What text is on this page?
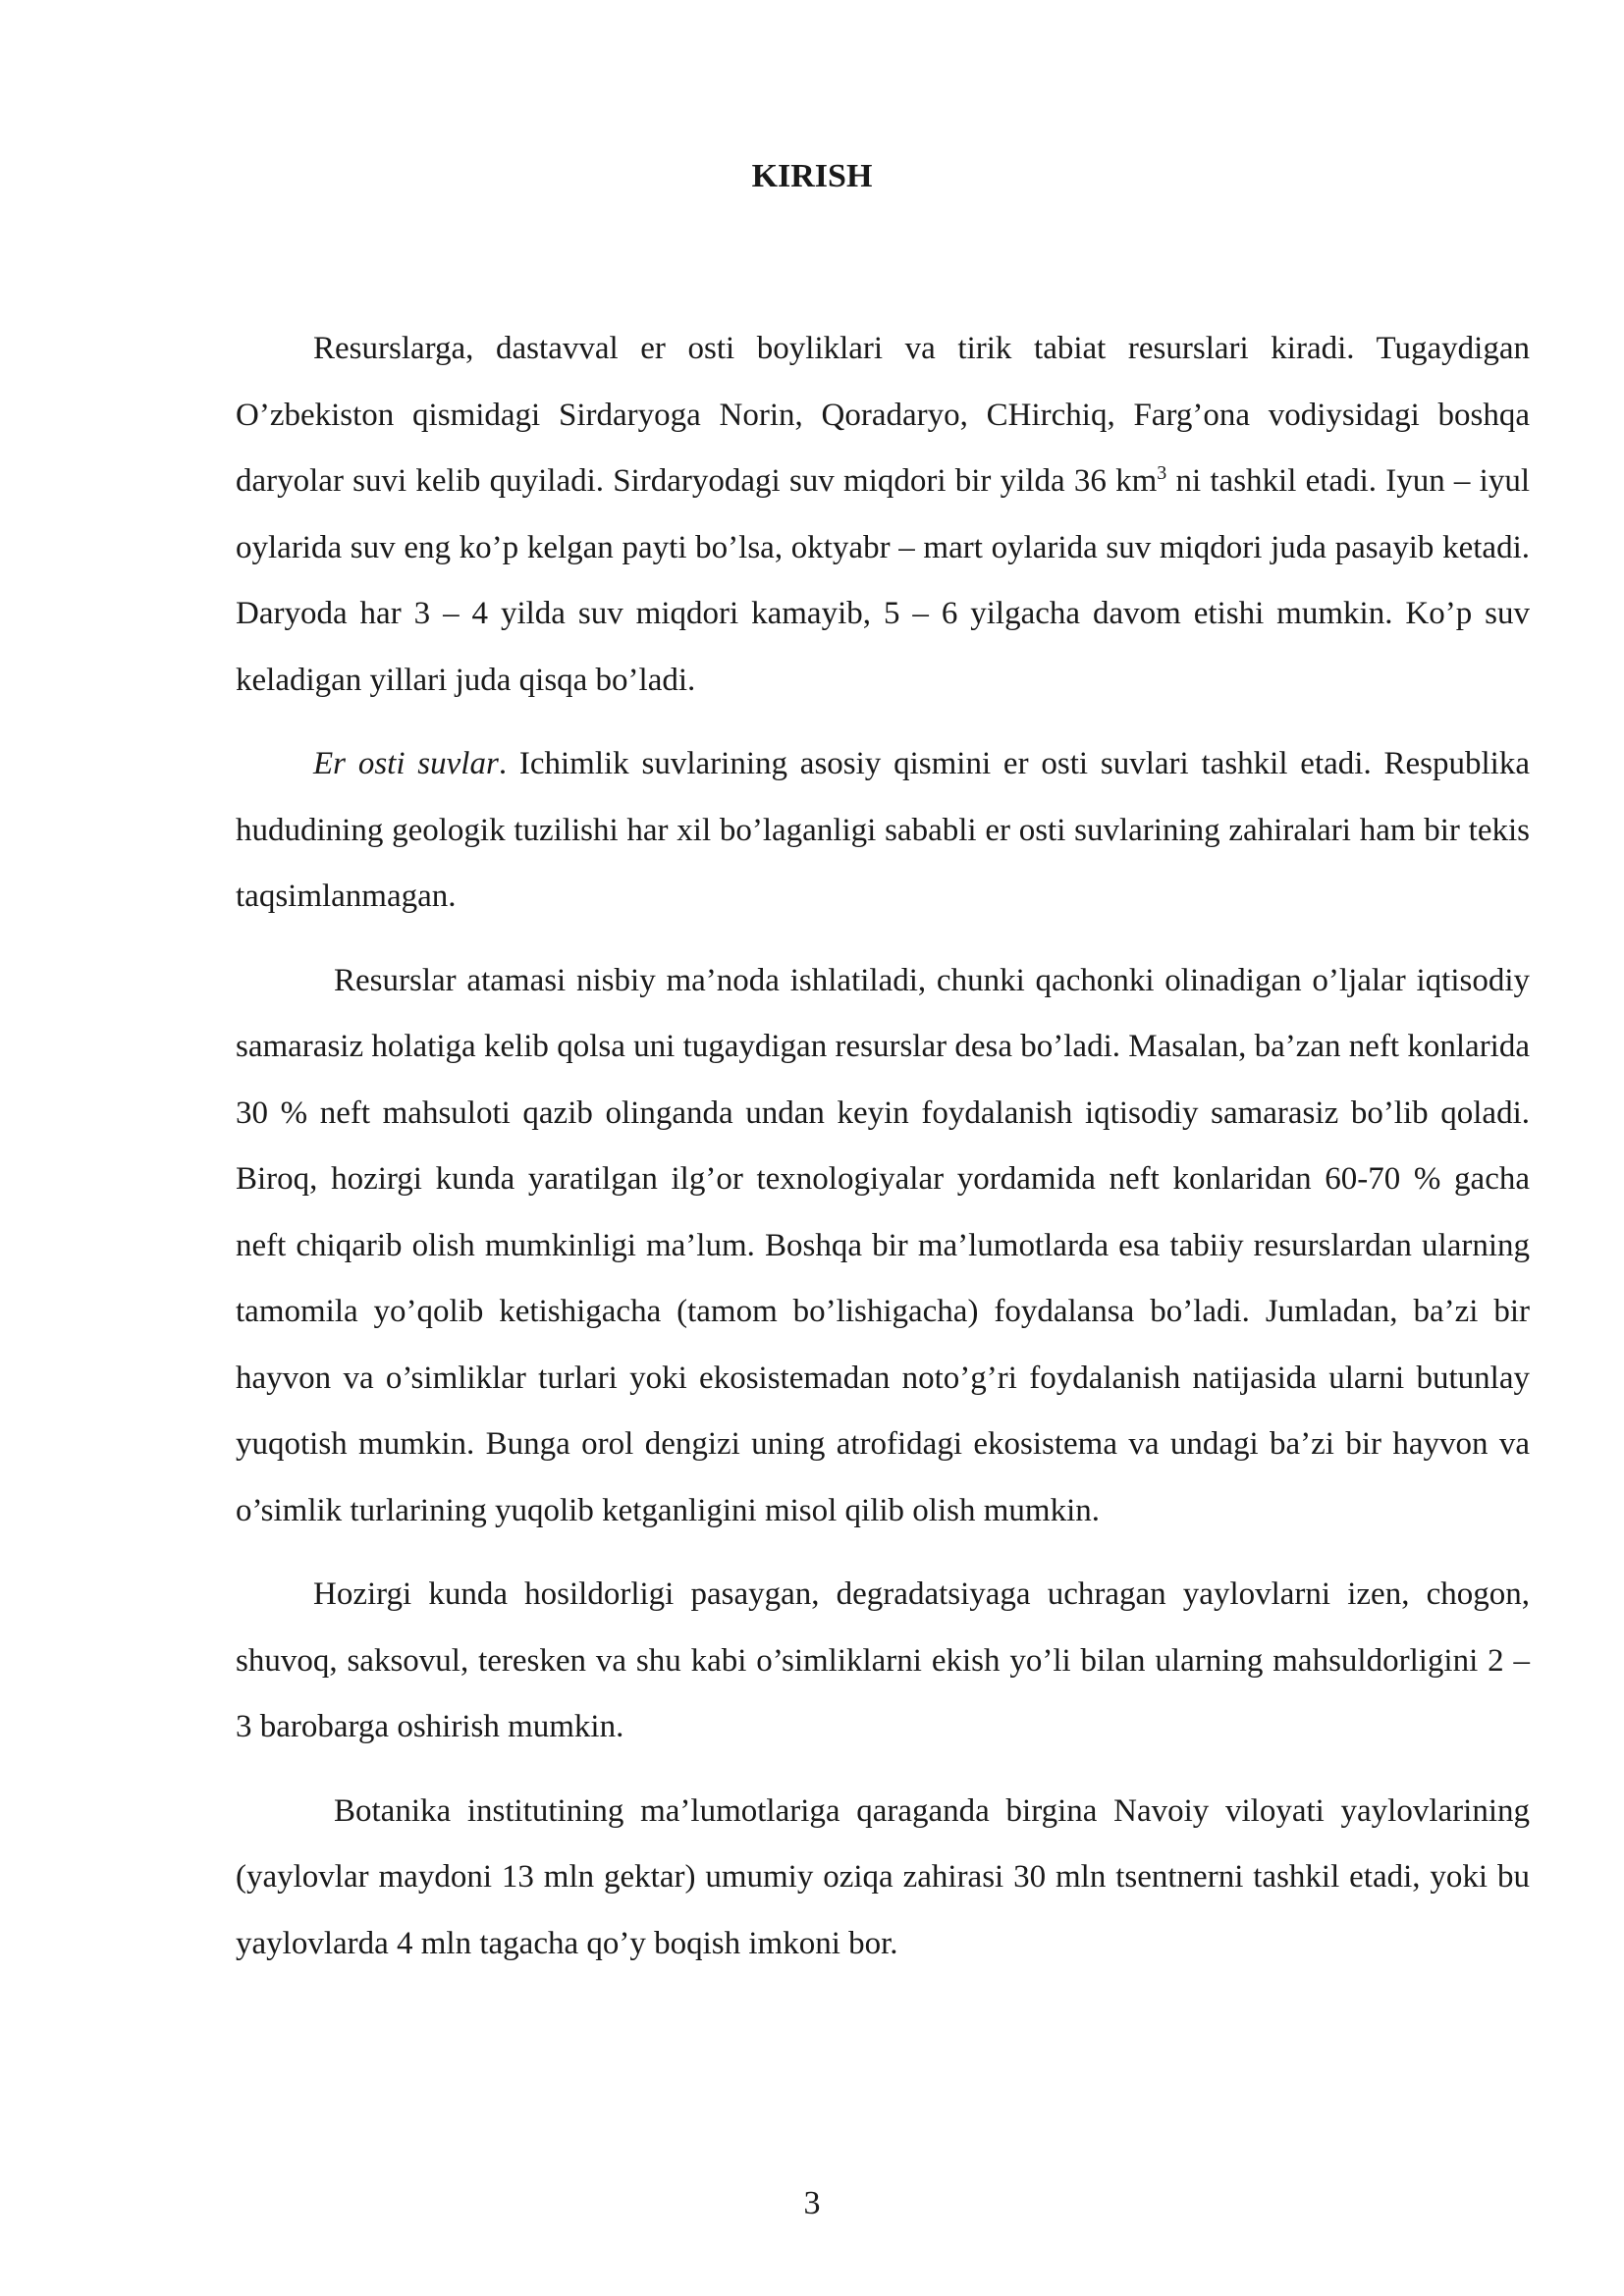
KIRISH

Resurslarga, dastavval er osti boyliklari va tirik tabiat resurslari kiradi. Tugaydigan O’zbekiston qismidagi Sirdaryoga Norin, Qoradaryo, CHirchiq, Farg’ona vodiysidagi boshqa daryolar suvi kelib quyiladi. Sirdaryodagi suv miqdori bir yilda 36 $km^3$ ni tashkil etadi. Iyun – iyul oylarida suv eng ko’p kelgan payti bo’lsa, oktyabr – mart oylarida suv miqdori juda pasayib ketadi. Daryoda har 3 – 4 yilda suv miqdori kamayib, 5 – 6 yilgacha davom etishi mumkin. Ko’p suv keladigan yillari juda qisqa bo’ladi.

Er osti suvlar. Ichimlik suvlarining asosiy qismini er osti suvlari tashkil etadi. Respublika hududining geologik tuzilishi har xil bo’laganligi sababli er osti suvlarining zahiralari ham bir tekis taqsimlanmagan.

Resurslar atamasi nisbiy ma’noda ishlatiladi, chunki qachonki olinadigan o’ljalar iqtisodiy samarasiz holatiga kelib qolsa uni tugaydigan resurslar desa bo’ladi. Masalan, ba’zan neft konlarida 30 % neft mahsuloti qazib olinganda undan keyin foydalanish iqtisodiy samarasiz bo’lib qoladi. Biroq, hozirgi kunda yaratilgan ilg’or texnologiyalar yordamida neft konlaridan 60-70 % gacha neft chiqarib olish mumkinligi ma’lum. Boshqa bir ma’lumotlarda esa tabiiy resurslardan ularning tamomila yo’qolib ketishigacha (tamom bo’lishigacha) foydalansa bo’ladi. Jumladan, ba’zi bir hayvon va o’simliklar turlari yoki ekosistemadan noto’g’ri foydalanish natijasida ularni butunlay yuqotish mumkin. Bunga orol dengizi uning atrofidagi ekosistema va undagi ba’zi bir hayvon va o’simlik turlarining yuqolib ketganligini misol qilib olish mumkin.

Hozirgi kunda hosildorligi pasaygan, degradatsiyaga uchragan yaylovlarni izen, chogon, shuvoq, saksovul, teresken va shu kabi o’simliklarni ekish yo’li bilan ularning mahsuldorligini 2 – 3 barobarga oshirish mumkin.

Botanika institutining ma’lumotlariga qaraganda birgina Navoiy viloyati yaylovlarining (yaylovlar maydoni 13 mln gektar) umumiy oziqa zahirasi 30 mln tsentnerni tashkil etadi, yoki bu yaylovlarda 4 mln tagacha qo’y boqish imkoni bor.

3
